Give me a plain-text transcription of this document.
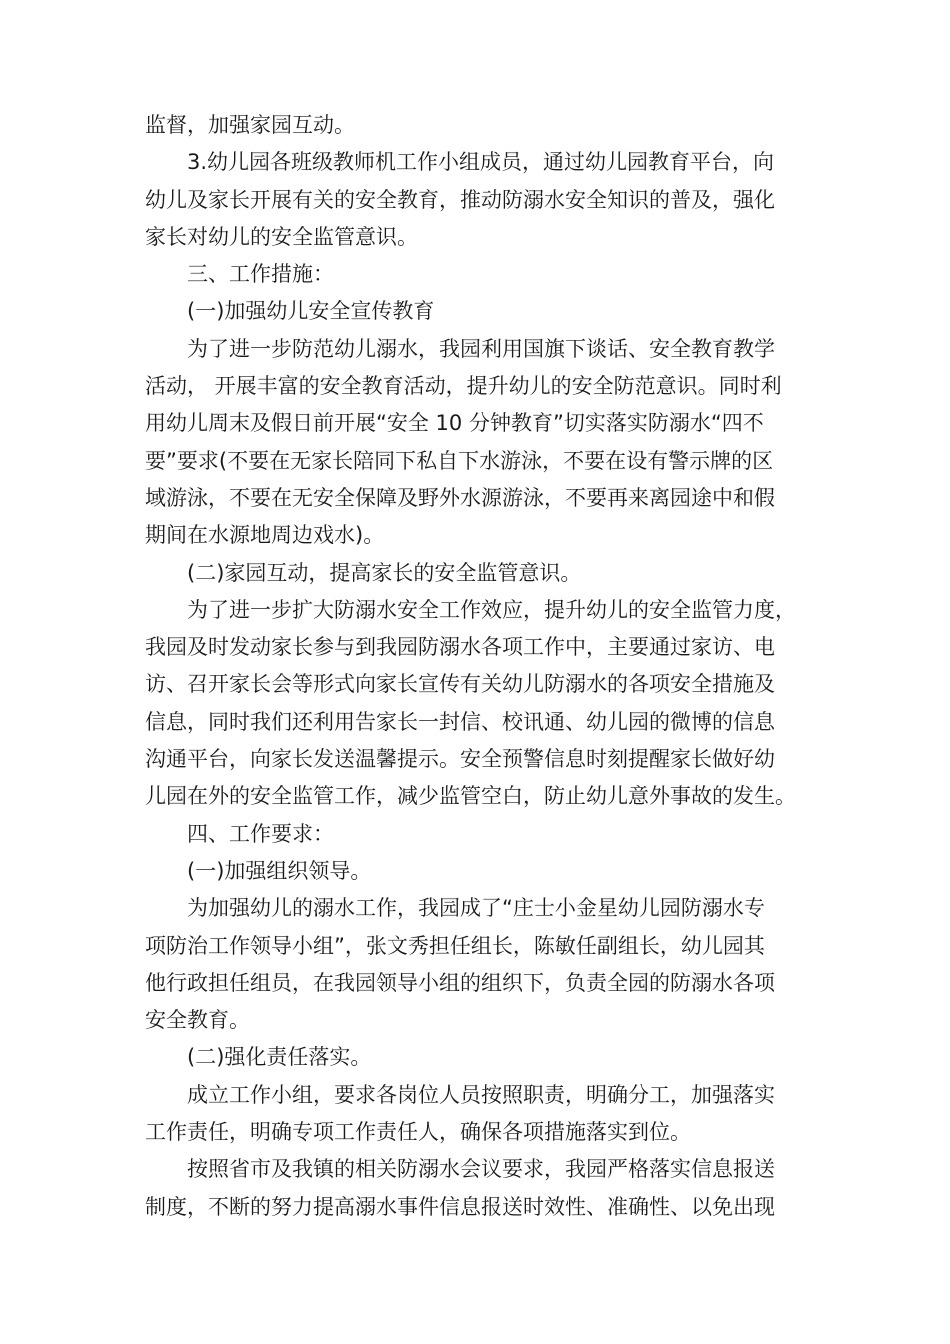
监督，加强家园互动。

3.幼儿园各班级教师机工作小组成员，通过幼儿园教育平台，向

幼儿及家长开展有关的安全教育，推动防溺水安全知识的普及，强化

家长对幼儿的安全监管意识。

三、工作措施：

(一)加强幼儿安全宣传教育

为了进一步防范幼儿溺水，我园利用国旗下谈话、安全教育教学

活动， 开展丰富的安全教育活动，提升幼儿的安全防范意识。同时利

用幼儿周末及假日前开展“安全 10 分钟教育”切实落实防溺水“四不

要”要求(不要在无家长陪同下私自下水游泳，不要在设有警示牌的区

域游泳，不要在无安全保障及野外水源游泳，不要再来离园途中和假

期间在水源地周边戏水)。

(二)家园互动，提高家长的安全监管意识。

为了进一步扩大防溺水安全工作效应，提升幼儿的安全监管力度，

我园及时发动家长参与到我园防溺水各项工作中，主要通过家访、电

访、召开家长会等形式向家长宣传有关幼儿防溺水的各项安全措施及

信息，同时我们还利用告家长一封信、校讯通、幼儿园的微博的信息

沟通平台，向家长发送温馨提示。安全预警信息时刻提醒家长做好幼

儿园在外的安全监管工作，减少监管空白，防止幼儿意外事故的发生。

四、工作要求：

(一)加强组织领导。

为加强幼儿的溺水工作，我园成了“庄士小金星幼儿园防溺水专

项防治工作领导小组”，张文秀担任组长，陈敏任副组长，幼儿园其

他行政担任组员，在我园领导小组的组织下，负责全园的防溺水各项

安全教育。

(二)强化责任落实。

成立工作小组，要求各岗位人员按照职责，明确分工，加强落实

工作责任，明确专项工作责任人，确保各项措施落实到位。

按照省市及我镇的相关防溺水会议要求，我园严格落实信息报送

制度，不断的努力提高溺水事件信息报送时效性、准确性、以免出现
